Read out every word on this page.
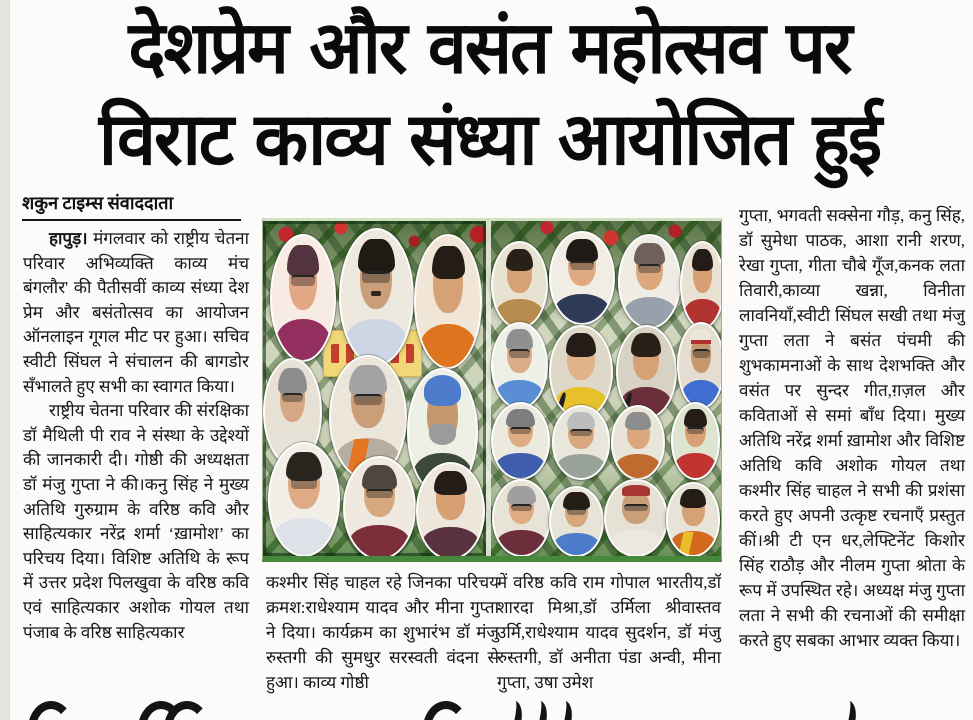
देशप्रेम और वसंत महोत्सव पर
विराट काव्य संध्या आयोजित हुई
शकुन टाइम्स संवाददाता

हापुड़। मंगलवार को राष्ट्रीय चेतना परिवार अभिव्यक्ति काव्य मंच बंगलौर' की पैतीसवीं काव्य संध्या देश प्रेम और बसंतोत्सव का आयोजन ऑनलाइन गूगल मीट पर हुआ। सचिव स्वीटी सिंघल ने संचालन की बागडोर सँभालते हुए सभी का स्वागत किया।

राष्ट्रीय चेतना परिवार की संरक्षिका डॉ मैथिली पी राव ने संस्था के उद्देश्यों की जानकारी दी। गोष्ठी की अध्यक्षता डॉ मंजु गुप्ता ने की।कनु सिंह ने मुख्य अतिथि गुरुग्राम के वरिष्ठ कवि और साहित्यकार नरेंद्र शर्मा ‘ख़ामोश’ का परिचय दिया। विशिष्ट अतिथि के रूप में उत्तर प्रदेश पिलखुवा के वरिष्ठ कवि एवं साहित्यकार अशोक गोयल तथा पंजाब के वरिष्ठ साहित्यकार

कश्मीर सिंह चाहल रहे जिनका परिचय क्रमश:राधेश्याम यादव और मीना गुप्ता ने दिया। कार्यक्रम का शुभारंभ डॉ मंजु रुस्तगी की सुमधुर सरस्वती वंदना से हुआ। काव्य गोष्ठी

में वरिष्ठ कवि राम गोपाल भारतीय,डॉ शारदा मिश्रा,डॉ उर्मिला श्रीवास्तव उर्मि,राधेश्याम यादव सुदर्शन, डॉ मंजु रुस्तगी, डॉ अनीता पंडा अन्वी, मीना गुप्ता, उषा उमेश

गुप्ता, भगवती सक्सेना गौड़, कनु सिंह, डॉ सुमेधा पाठक, आशा रानी शरण, रेखा गुप्ता, गीता चौबे गूँज,कनक लता तिवारी,काव्या खन्ना, विनीता लावनियाँ,स्वीटी सिंघल सखी तथा मंजु गुप्ता लता ने बसंत पंचमी की शुभकामनाओं के साथ देशभक्ति और वसंत पर सुन्दर गीत,ग़ज़ल और कविताओं से समां बाँध दिया। मुख्य अतिथि नरेंद्र शर्मा ख़ामोश और विशिष्ट अतिथि कवि अशोक गोयल तथा कश्मीर सिंह चाहल ने सभी की प्रशंसा करते हुए अपनी उत्कृष्ट रचनाएँ प्रस्तुत कीं।श्री टी एन धर,लेफ्टिनेंट किशोर सिंह राठौड़ और नीलम गुप्ता श्रोता के रूप में उपस्थित रहे। अध्यक्ष मंजु गुप्ता लता ने सभी की रचनाओं की समीक्षा करते हुए सबका आभार व्यक्त किया।
